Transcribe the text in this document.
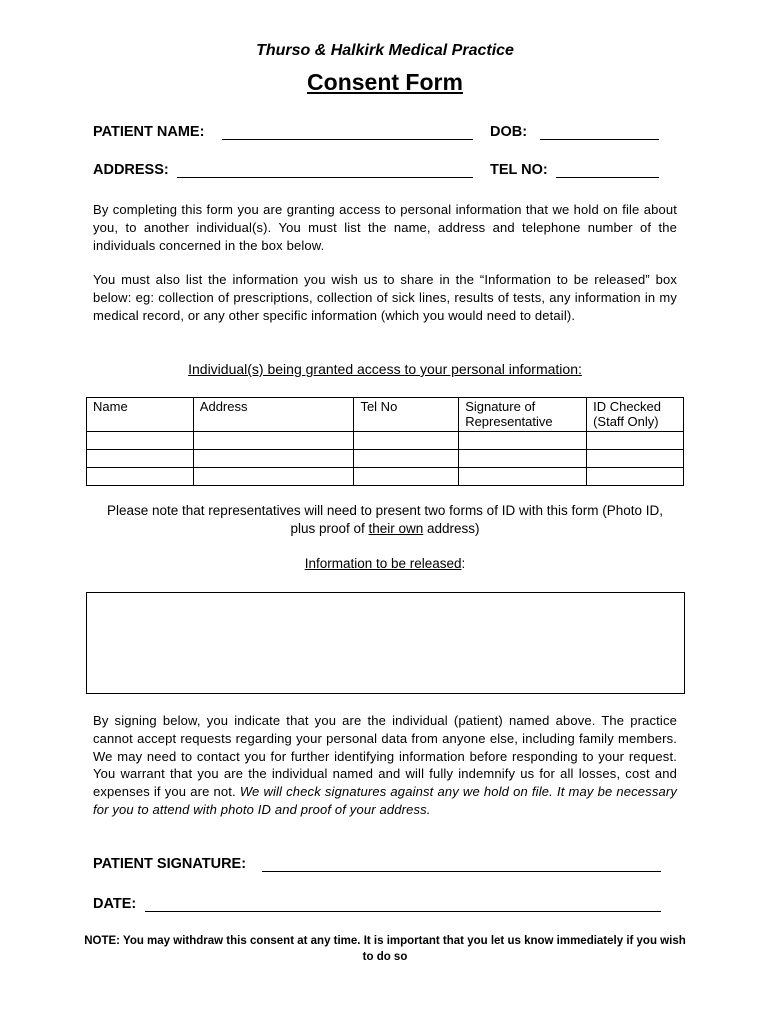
Thurso & Halkirk Medical Practice
Consent Form
PATIENT NAME:	DOB:
ADDRESS:	TEL NO:
By completing this form you are granting access to personal information that we hold on file about you, to another individual(s). You must list the name, address and telephone number of the individuals concerned in the box below.
You must also list the information you wish us to share in the “Information to be released” box below: eg: collection of prescriptions, collection of sick lines, results of tests, any information in my medical record, or any other specific information (which you would need to detail).
Individual(s) being granted access to your personal information:
Name	Address	Tel No	Signature of Representative	ID Checked (Staff Only)

Please note that representatives will need to present two forms of ID with this form (Photo ID, plus proof of their own address)
Information to be released:
By signing below, you indicate that you are the individual (patient) named above. The practice cannot accept requests regarding your personal data from anyone else, including family members. We may need to contact you for further identifying information before responding to your request. You warrant that you are the individual named and will fully indemnify us for all losses, cost and expenses if you are not. We will check signatures against any we hold on file. It may be necessary for you to attend with photo ID and proof of your address.
PATIENT SIGNATURE:
DATE:
NOTE: You may withdraw this consent at any time. It is important that you let us know immediately if you wish to do so
